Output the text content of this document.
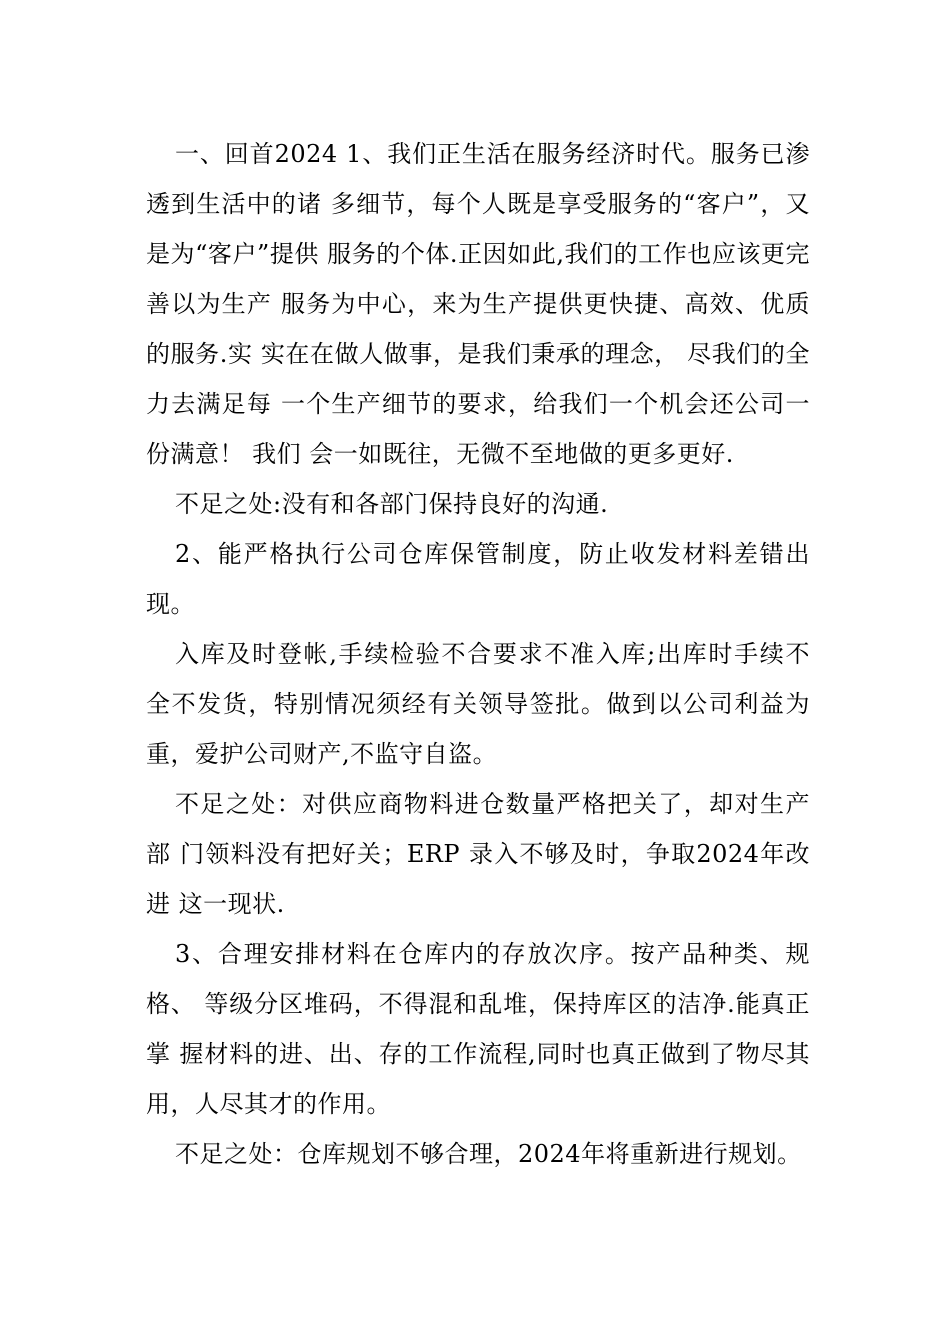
一、回首2024 1、我们正生活在服务经济时代。服务已渗透到生活中的诸 多细节，每个人既是享受服务的“客户”，又是为“客户”提供 服务的个体.正因如此,我们的工作也应该更完善以为生产 服务为中心，来为生产提供更快捷、高效、优质的服务.实 实在在做人做事，是我们秉承的理念， 尽我们的全力去满足每 一个生产细节的要求，给我们一个机会还公司一份满意！ 我们 会一如既往，无微不至地做的更多更好.

不足之处:没有和各部门保持良好的沟通.

2、能严格执行公司仓库保管制度，防止收发材料差错出现。

入库及时登帐,手续检验不合要求不准入库;出库时手续不 全不发货，特别情况须经有关领导签批。做到以公司利益为 重，爱护公司财产,不监守自盗。

不足之处：对供应商物料进仓数量严格把关了，却对生产部 门领料没有把好关；ERP 录入不够及时，争取2024年改进 这一现状.

3、合理安排材料在仓库内的存放次序。按产品种类、规格、 等级分区堆码，不得混和乱堆，保持库区的洁净.能真正掌 握材料的进、出、存的工作流程,同时也真正做到了物尽其 用，人尽其才的作用。

不足之处：仓库规划不够合理，2024年将重新进行规划。
